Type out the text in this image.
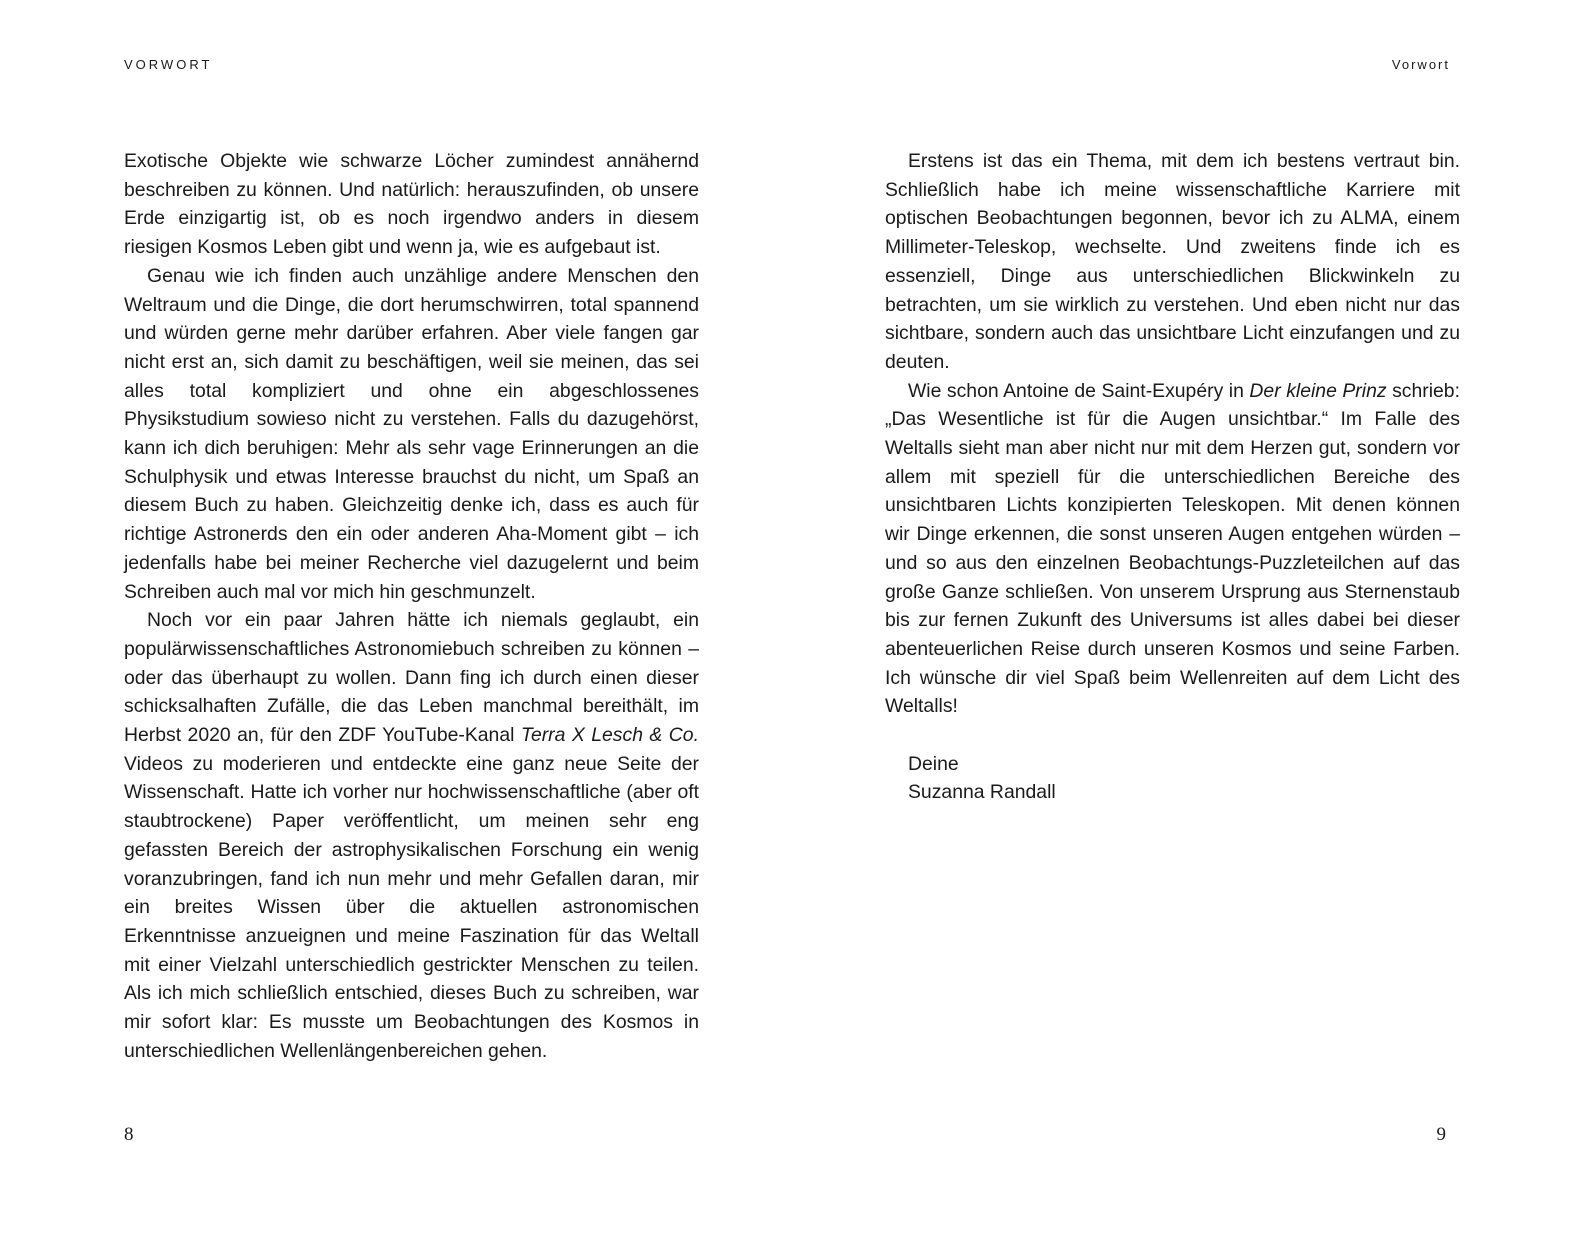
VORWORT

Exotische Objekte wie schwarze Löcher zumindest annähernd beschreiben zu können. Und natürlich: herauszufinden, ob unsere Erde einzigartig ist, ob es noch irgendwo anders in diesem riesigen Kosmos Leben gibt und wenn ja, wie es aufgebaut ist.

Genau wie ich finden auch unzählige andere Menschen den Weltraum und die Dinge, die dort herumschwirren, total spannend und würden gerne mehr darüber erfahren. Aber viele fangen gar nicht erst an, sich damit zu beschäftigen, weil sie meinen, das sei alles total kompliziert und ohne ein abgeschlossenes Physikstudium sowieso nicht zu verstehen. Falls du dazugehörst, kann ich dich beruhigen: Mehr als sehr vage Erinnerungen an die Schulphysik und etwas Interesse brauchst du nicht, um Spaß an diesem Buch zu haben. Gleichzeitig denke ich, dass es auch für richtige Astronerds den ein oder anderen Aha-Moment gibt – ich jedenfalls habe bei meiner Recherche viel dazugelernt und beim Schreiben auch mal vor mich hin geschmunzelt.

Noch vor ein paar Jahren hätte ich niemals geglaubt, ein populärwissenschaftliches Astronomiebuch schreiben zu können – oder das überhaupt zu wollen. Dann fing ich durch einen dieser schicksalhaften Zufälle, die das Leben manchmal bereithält, im Herbst 2020 an, für den ZDF YouTube-Kanal Terra X Lesch & Co. Videos zu moderieren und entdeckte eine ganz neue Seite der Wissenschaft. Hatte ich vorher nur hochwissenschaftliche (aber oft staubtrockene) Paper veröffentlicht, um meinen sehr eng gefassten Bereich der astrophysikalischen Forschung ein wenig voranzubringen, fand ich nun mehr und mehr Gefallen daran, mir ein breites Wissen über die aktuellen astronomischen Erkenntnisse anzueignen und meine Faszination für das Weltall mit einer Vielzahl unterschiedlich gestrickter Menschen zu teilen. Als ich mich schließlich entschied, dieses Buch zu schreiben, war mir sofort klar: Es musste um Beobachtungen des Kosmos in unterschiedlichen Wellenlängenbereichen gehen.

8

Vorwort

Erstens ist das ein Thema, mit dem ich bestens vertraut bin. Schließlich habe ich meine wissenschaftliche Karriere mit optischen Beobachtungen begonnen, bevor ich zu ALMA, einem Millimeter-Teleskop, wechselte. Und zweitens finde ich es essenziell, Dinge aus unterschiedlichen Blickwinkeln zu betrachten, um sie wirklich zu verstehen. Und eben nicht nur das sichtbare, sondern auch das unsichtbare Licht einzufangen und zu deuten.

Wie schon Antoine de Saint-Exupéry in Der kleine Prinz schrieb: „Das Wesentliche ist für die Augen unsichtbar.“ Im Falle des Weltalls sieht man aber nicht nur mit dem Herzen gut, sondern vor allem mit speziell für die unterschiedlichen Bereiche des unsichtbaren Lichts konzipierten Teleskopen. Mit denen können wir Dinge erkennen, die sonst unseren Augen entgehen würden – und so aus den einzelnen Beobachtungs-Puzzleteilchen auf das große Ganze schließen. Von unserem Ursprung aus Sternenstaub bis zur fernen Zukunft des Universums ist alles dabei bei dieser abenteuerlichen Reise durch unseren Kosmos und seine Farben. Ich wünsche dir viel Spaß beim Wellenreiten auf dem Licht des Weltalls!

Deine
Suzanna Randall
9
